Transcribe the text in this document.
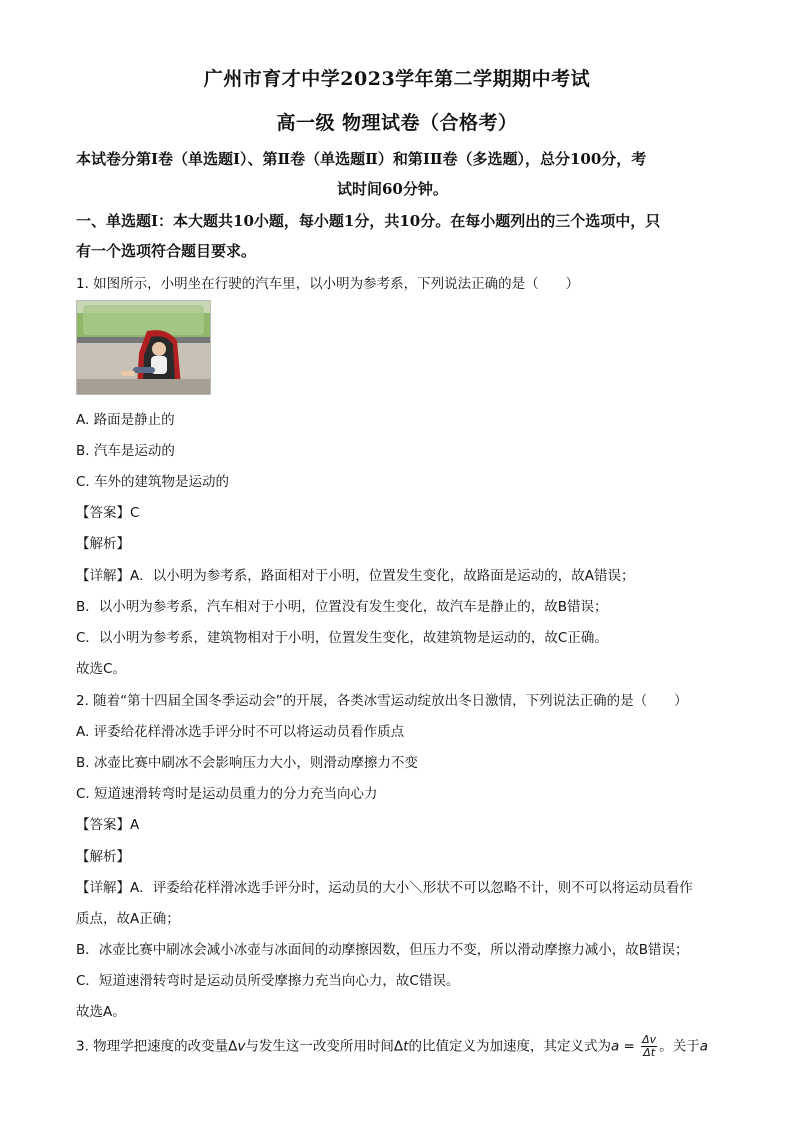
广州市育才中学2023学年第二学期期中考试
高一级 物理试卷（合格考）
本试卷分第Ⅰ卷（单选题Ⅰ）、第Ⅱ卷（单选题Ⅱ）和第ⅠⅡ卷（多选题），总分100分，考
试时间60分钟。
一、单选题Ⅰ：本大题共10小题，每小题1分，共10分。在每小题列出的三个选项中，只
有一个选项符合题目要求。
1. 如图所示，小明坐在行驶的汽车里，以小明为参考系，下列说法正确的是（　　）
A. 路面是静止的
B. 汽车是运动的
C. 车外的建筑物是运动的
【答案】C
【解析】
【详解】A．以小明为参考系，路面相对于小明，位置发生变化，故路面是运动的，故A错误；
B．以小明为参考系，汽车相对于小明，位置没有发生变化，故汽车是静止的，故B错误；
C．以小明为参考系，建筑物相对于小明，位置发生变化，故建筑物是运动的，故C正确。
故选C。
2. 随着“第十四届全国冬季运动会”的开展，各类冰雪运动绽放出冬日激情，下列说法正确的是（　　）
A. 评委给花样滑冰选手评分时不可以将运动员看作质点
B. 冰壶比赛中刷冰不会影响压力大小，则滑动摩擦力不变
C. 短道速滑转弯时是运动员重力的分力充当向心力
【答案】A
【解析】
【详解】A．评委给花样滑冰选手评分时，运动员的大小＼形状不可以忽略不计，则不可以将运动员看作
质点，故A正确；
B．冰壶比赛中刷冰会减小冰壶与冰面间的动摩擦因数，但压力不变，所以滑动摩擦力减小，故B错误；
C．短道速滑转弯时是运动员所受摩擦力充当向心力，故C错误。
故选A。
3. 物理学把速度的改变量Δv与发生这一改变所用时间Δt的比值定义为加速度，其定义式为$a = \frac{\Delta v}{\Delta t}$ 。关于a
